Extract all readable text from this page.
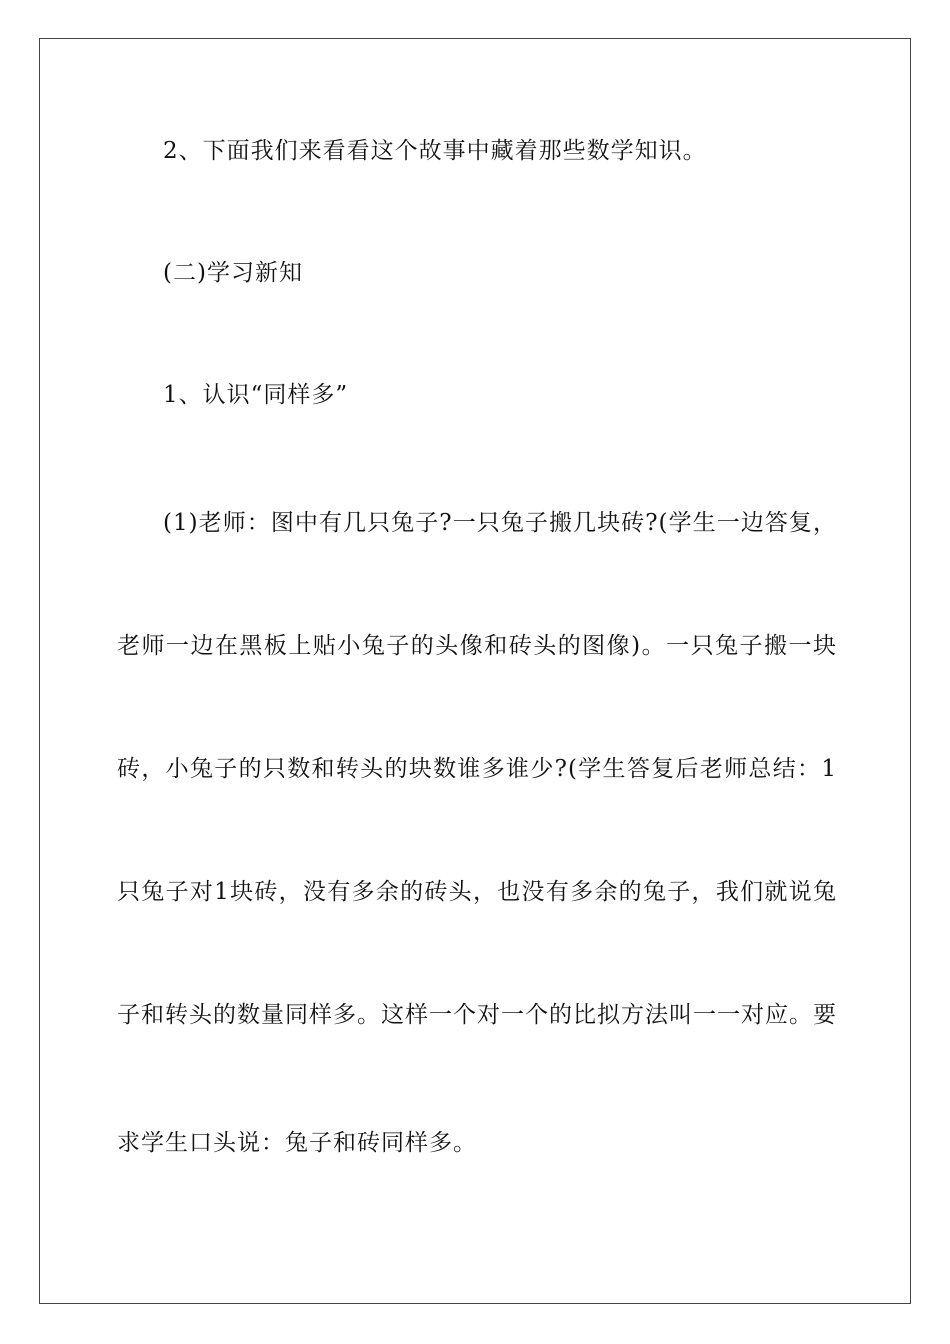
2、下面我们来看看这个故事中藏着那些数学知识。
(二)学习新知
1、认识“同样多”
(1)老师：图中有几只兔子?一只兔子搬几块砖?(学生一边答复，
老师一边在黑板上贴小兔子的头像和砖头的图像)。一只兔子搬一块
砖，小兔子的只数和转头的块数谁多谁少?(学生答复后老师总结：1
只兔子对1块砖，没有多余的砖头，也没有多余的兔子，我们就说兔
子和转头的数量同样多。这样一个对一个的比拟方法叫一一对应。要
求学生口头说：兔子和砖同样多。
